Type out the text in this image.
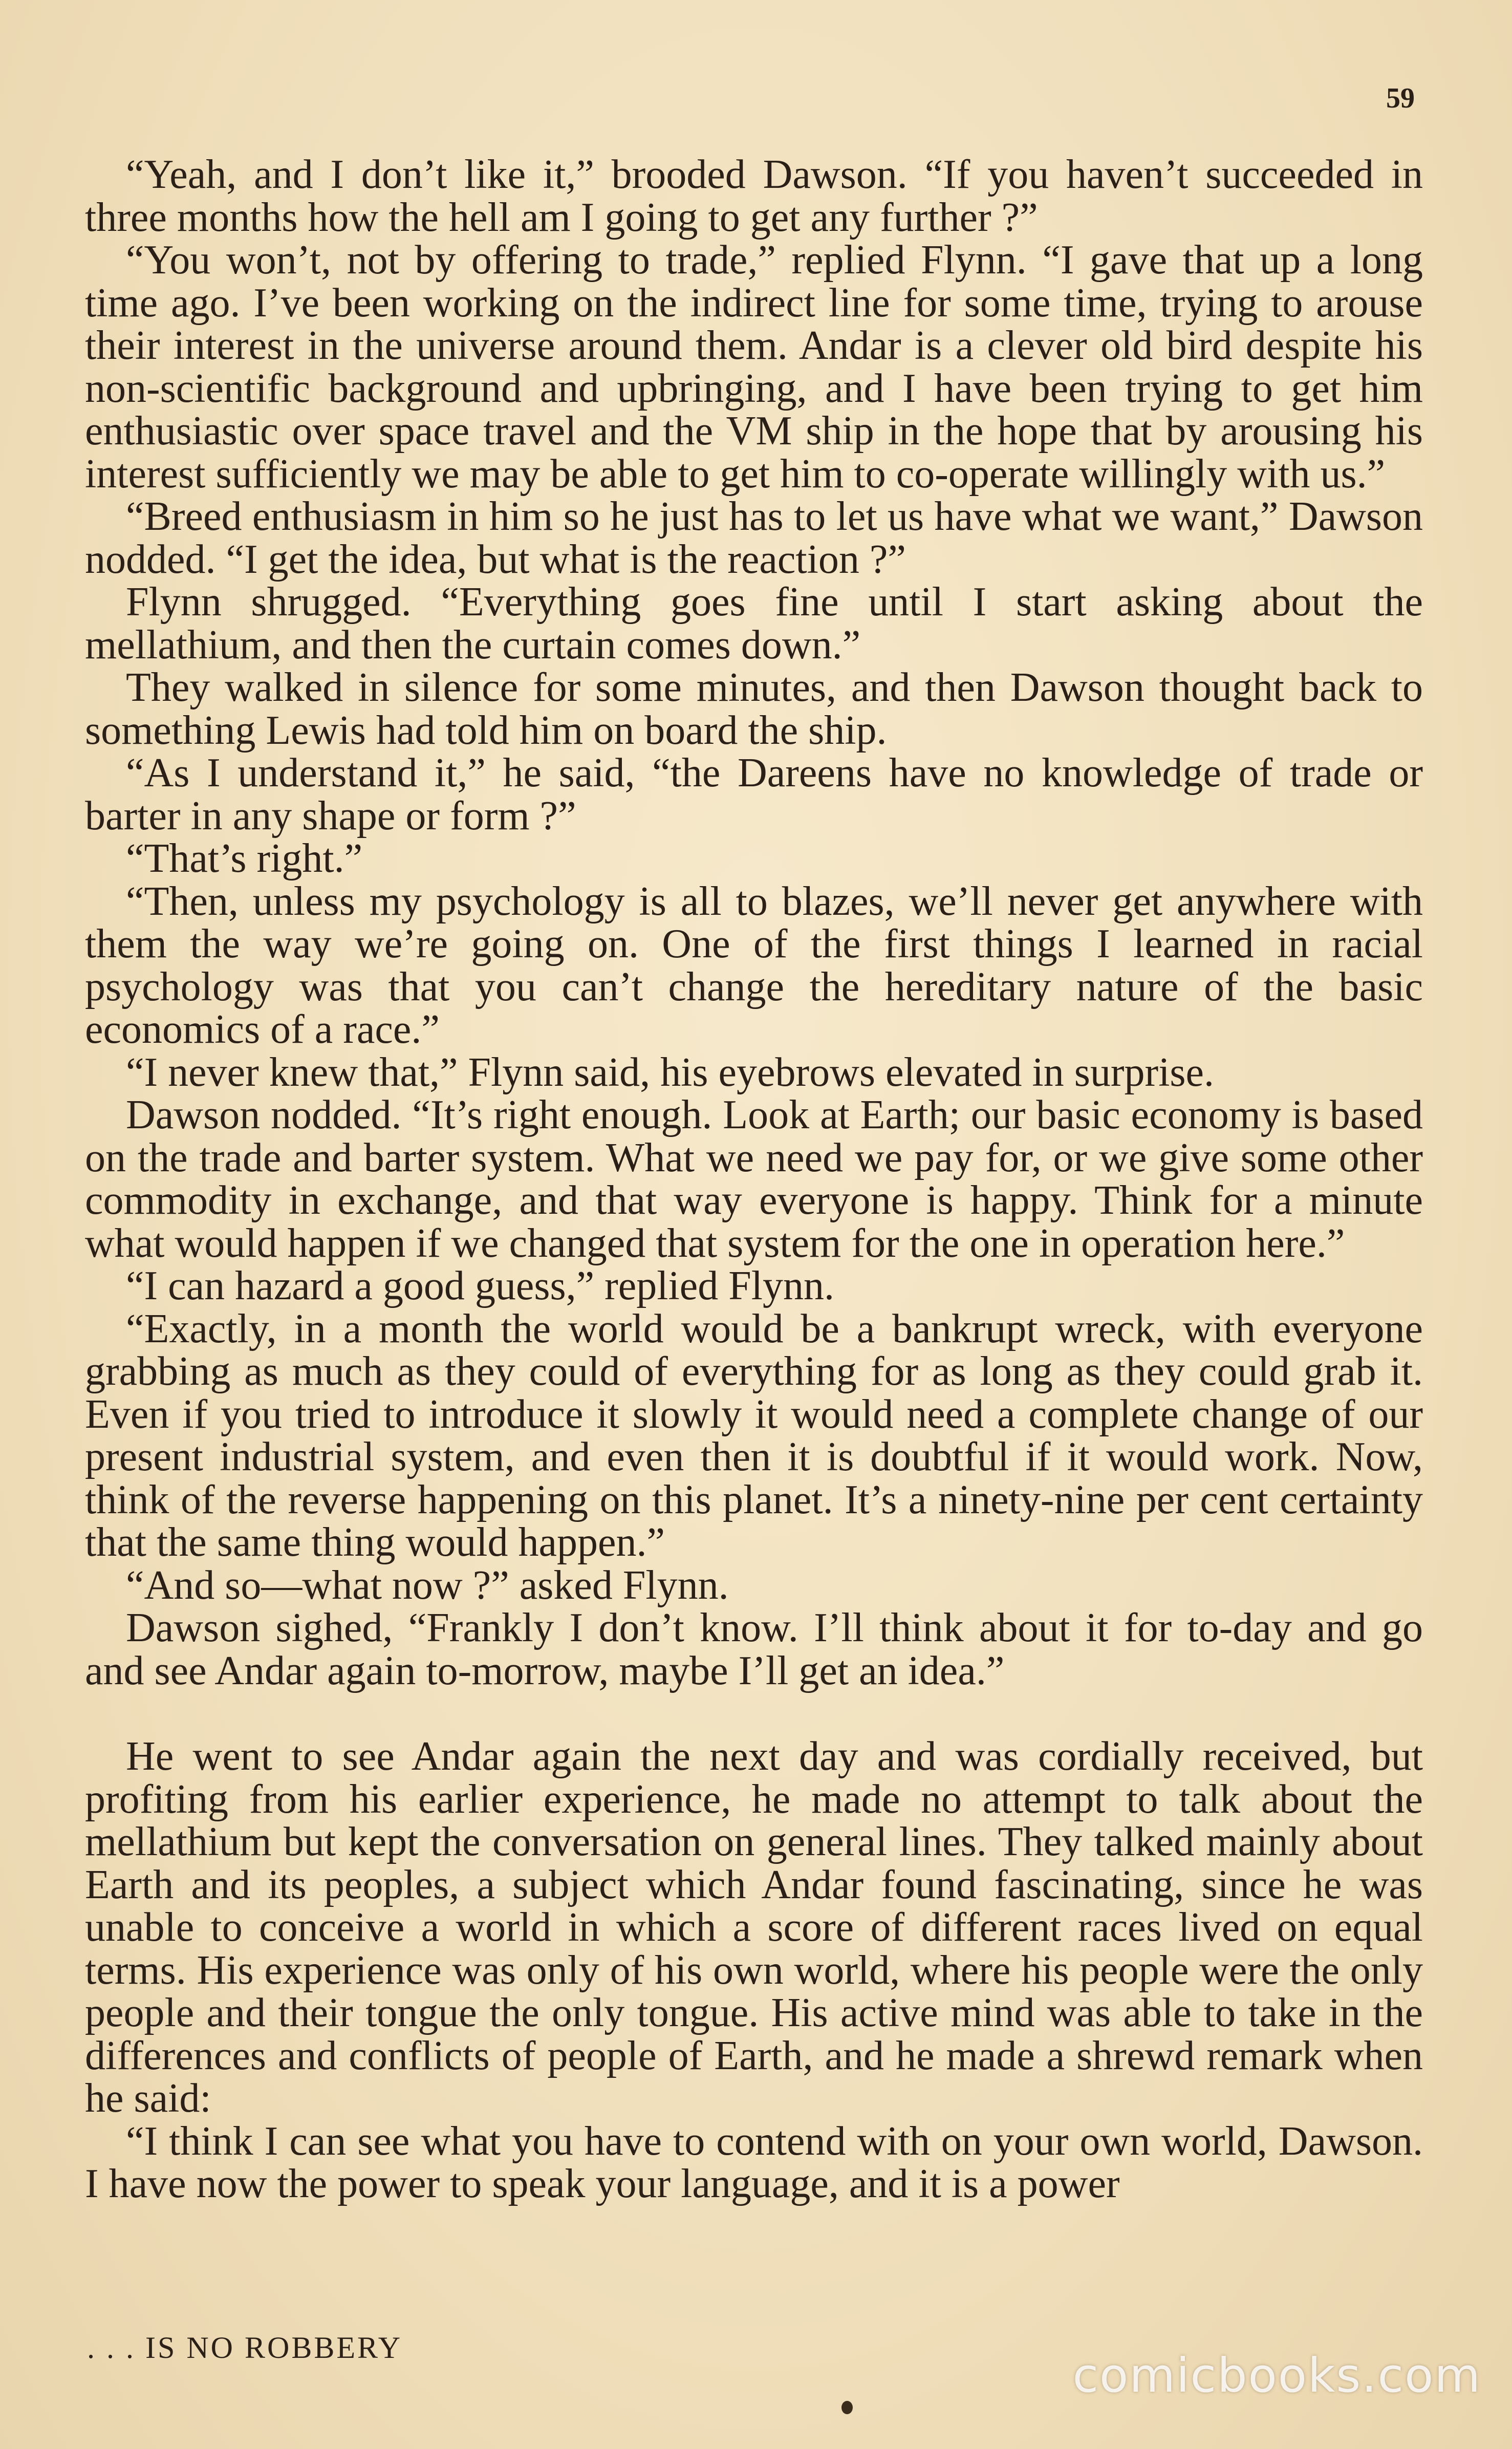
59

“Yeah, and I don’t like it,” brooded Dawson. “If you haven’t succeeded in three months how the hell am I going to get any further ?”

“You won’t, not by offering to trade,” replied Flynn. “I gave that up a long time ago. I’ve been working on the indirect line for some time, trying to arouse their interest in the universe around them. Andar is a clever old bird despite his non-scientific background and upbringing, and I have been trying to get him enthusiastic over space travel and the VM ship in the hope that by arousing his interest sufficiently we may be able to get him to co-operate willingly with us.”

“Breed enthusiasm in him so he just has to let us have what we want,” Dawson nodded. “I get the idea, but what is the reaction ?”

Flynn shrugged. “Everything goes fine until I start asking about the mellathium, and then the curtain comes down.”

They walked in silence for some minutes, and then Dawson thought back to something Lewis had told him on board the ship.

“As I understand it,” he said, “the Dareens have no knowledge of trade or barter in any shape or form ?”

“That’s right.”

“Then, unless my psychology is all to blazes, we’ll never get anywhere with them the way we’re going on. One of the first things I learned in racial psychology was that you can’t change the hereditary nature of the basic economics of a race.”

“I never knew that,” Flynn said, his eyebrows elevated in surprise.

Dawson nodded. “It’s right enough. Look at Earth; our basic economy is based on the trade and barter system. What we need we pay for, or we give some other commodity in exchange, and that way everyone is happy. Think for a minute what would happen if we changed that system for the one in operation here.”

“I can hazard a good guess,” replied Flynn.

“Exactly, in a month the world would be a bankrupt wreck, with everyone grabbing as much as they could of everything for as long as they could grab it. Even if you tried to introduce it slowly it would need a complete change of our present industrial system, and even then it is doubtful if it would work. Now, think of the reverse happening on this planet. It’s a ninety-nine per cent certainty that the same thing would happen.”

“And so—what now ?” asked Flynn.

Dawson sighed, “Frankly I don’t know. I’ll think about it for to-day and go and see Andar again to-morrow, maybe I’ll get an idea.”

He went to see Andar again the next day and was cordially received, but profiting from his earlier experience, he made no attempt to talk about the mellathium but kept the conversation on general lines. They talked mainly about Earth and its peoples, a subject which Andar found fascinating, since he was unable to conceive a world in which a score of different races lived on equal terms. His experience was only of his own world, where his people were the only people and their tongue the only tongue. His active mind was able to take in the differences and conflicts of people of Earth, and he made a shrewd remark when he said:

“I think I can see what you have to contend with on your own world, Dawson. I have now the power to speak your language, and it is a power

. . . IS NO ROBBERY
comicbooks.com
